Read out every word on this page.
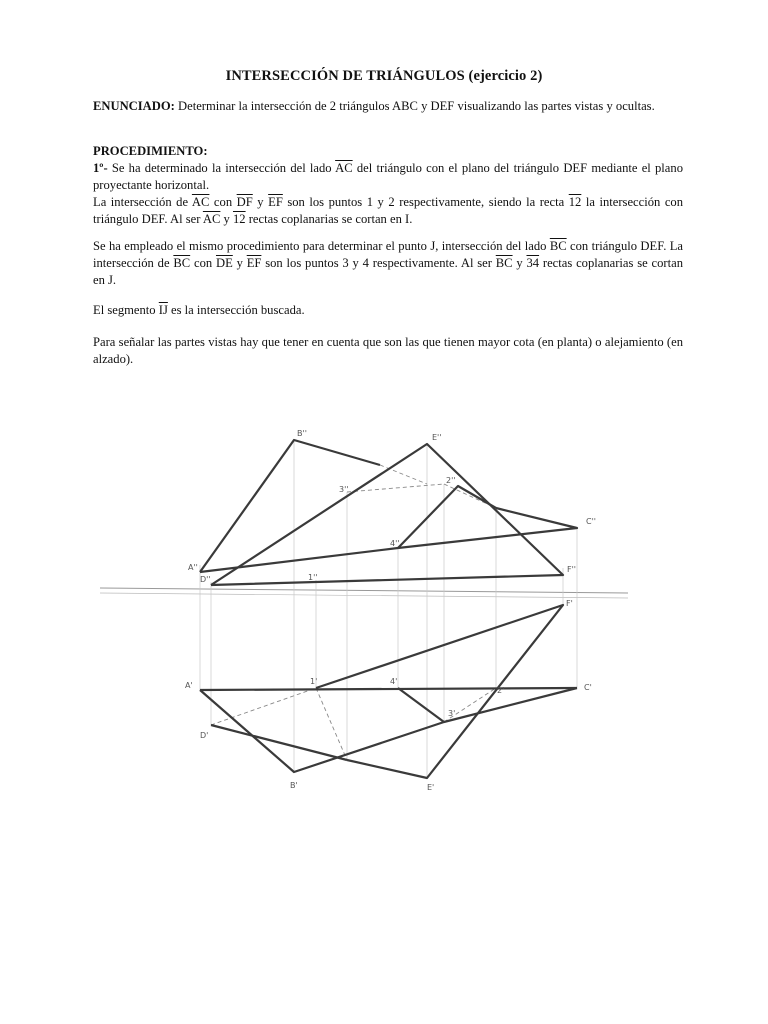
INTERSECCIÓN DE TRIÁNGULOS (ejercicio 2)
ENUNCIADO: Determinar la intersección de 2 triángulos ABC y DEF visualizando las partes vistas y ocultas.
PROCEDIMIENTO:
1º- Se ha determinado la intersección del lado $\overline{AC}$ del triángulo con el plano del triángulo DEF mediante el plano proyectante horizontal.
La intersección de $\overline{AC}$ con $\overline{DF}$ y $\overline{EF}$ son los puntos 1 y 2 respectivamente, siendo la recta 12 la intersección con triángulo DEF. Al ser $\overline{AC}$ y 12 rectas coplanarias se cortan en I.
Se ha empleado el mismo procedimiento para determinar el punto J, intersección del lado $\overline{BC}$ con triángulo DEF. La intersección de $\overline{BC}$ con $\overline{DE}$ y $\overline{EF}$ son los puntos 3 y 4 respectivamente. Al ser $\overline{BC}$ y 34 rectas coplanarias se cortan en J.
El segmento $\overline{IJ}$ es la intersección buscada.
Para señalar las partes vistas hay que tener en cuenta que son las que tienen mayor cota (en planta) o alejamiento (en alzado).
B''	E''
A''
D''
C''
F''
3''
2''
4''
1''
A'
D'
B'	E'
C'
F'
1'	4'
2'
3'
